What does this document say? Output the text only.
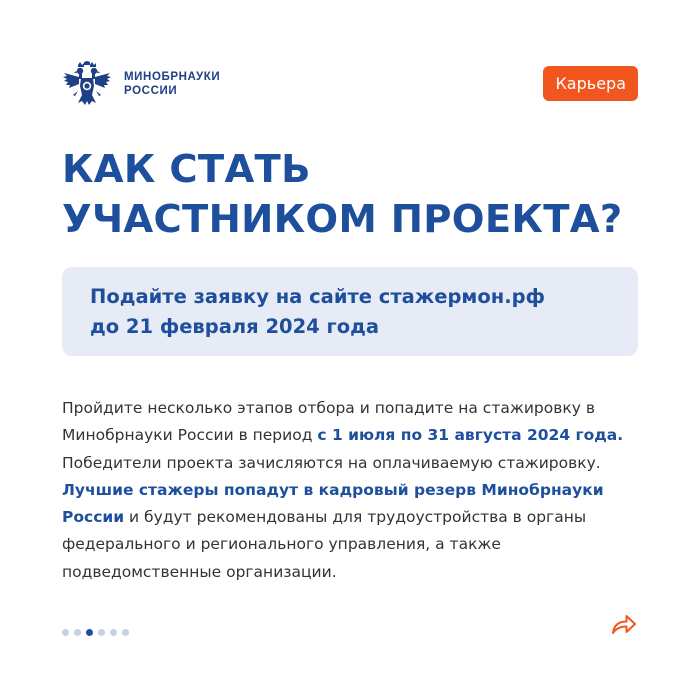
МИНОБРНАУКИ
РОССИИ	Карьера
КАК СТАТЬ
УЧАСТНИКОМ ПРОЕКТА?
Подайте заявку на сайте стажермон.рф
до 21 февраля 2024 года

Пройдите несколько этапов отбора и попадите на стажировку в Минобрнауки России в период с 1 июля по 31 августа 2024 года. Победители проекта зачисляются на оплачиваемую стажировку. Лучшие стажеры попадут в кадровый резерв Минобрнауки России и будут рекомендованы для трудоустройства в органы федерального и регионального управления, а также подведомственные организации.
